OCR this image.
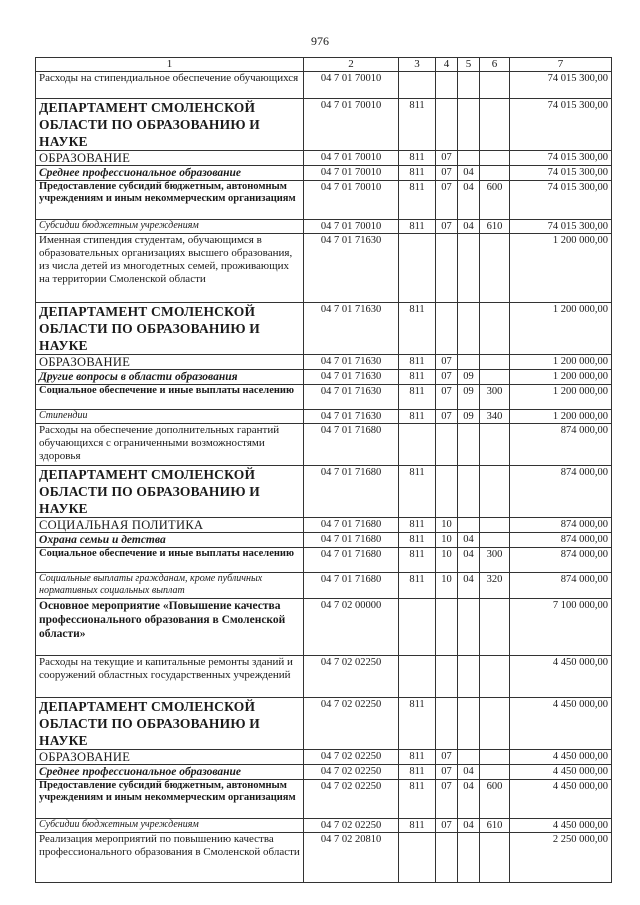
976
1	2	3	4	5	6	7
Расходы на стипендиальное обеспечение обучающихся	04 7 01 70010					74 015 300,00
ДЕПАРТАМЕНТ СМОЛЕНСКОЙ ОБЛАСТИ ПО ОБРАЗОВАНИЮ И НАУКЕ	04 7 01 70010	811				74 015 300,00
ОБРАЗОВАНИЕ	04 7 01 70010	811	07			74 015 300,00
Среднее профессиональное образование	04 7 01 70010	811	07	04		74 015 300,00
Предоставление субсидий бюджетным, автономным учреждениям и иным некоммерческим организациям	04 7 01 70010	811	07	04	600	74 015 300,00
Субсидии бюджетным учреждениям	04 7 01 70010	811	07	04	610	74 015 300,00
Именная стипендия студентам, обучающимся в образовательных организациях высшего образования, из числа детей из многодетных семей, проживающих на территории Смоленской области	04 7 01 71630					1 200 000,00
ДЕПАРТАМЕНТ СМОЛЕНСКОЙ ОБЛАСТИ ПО ОБРАЗОВАНИЮ И НАУКЕ	04 7 01 71630	811				1 200 000,00
ОБРАЗОВАНИЕ	04 7 01 71630	811	07			1 200 000,00
Другие вопросы в области образования	04 7 01 71630	811	07	09		1 200 000,00
Социальное обеспечение и иные выплаты населению	04 7 01 71630	811	07	09	300	1 200 000,00
Стипендии	04 7 01 71630	811	07	09	340	1 200 000,00
Расходы на обеспечение дополнительных гарантий обучающихся с ограниченными возможностями здоровья	04 7 01 71680					874 000,00
ДЕПАРТАМЕНТ СМОЛЕНСКОЙ ОБЛАСТИ ПО ОБРАЗОВАНИЮ И НАУКЕ	04 7 01 71680	811				874 000,00
СОЦИАЛЬНАЯ ПОЛИТИКА	04 7 01 71680	811	10			874 000,00
Охрана семьи и детства	04 7 01 71680	811	10	04		874 000,00
Социальное обеспечение и иные выплаты населению	04 7 01 71680	811	10	04	300	874 000,00
Социальные выплаты гражданам, кроме публичных нормативных социальных выплат	04 7 01 71680	811	10	04	320	874 000,00
Основное мероприятие «Повышение качества профессионального образования в Смоленской области»	04 7 02 00000					7 100 000,00
Расходы на текущие и капитальные ремонты зданий и сооружений областных государственных учреждений	04 7 02 02250					4 450 000,00
ДЕПАРТАМЕНТ СМОЛЕНСКОЙ ОБЛАСТИ ПО ОБРАЗОВАНИЮ И НАУКЕ	04 7 02 02250	811				4 450 000,00
ОБРАЗОВАНИЕ	04 7 02 02250	811	07			4 450 000,00
Среднее профессиональное образование	04 7 02 02250	811	07	04		4 450 000,00
Предоставление субсидий бюджетным, автономным учреждениям и иным некоммерческим организациям	04 7 02 02250	811	07	04	600	4 450 000,00
Субсидии бюджетным учреждениям	04 7 02 02250	811	07	04	610	4 450 000,00
Реализация мероприятий по повышению качества профессионального образования в Смоленской области	04 7 02 20810					2 250 000,00
